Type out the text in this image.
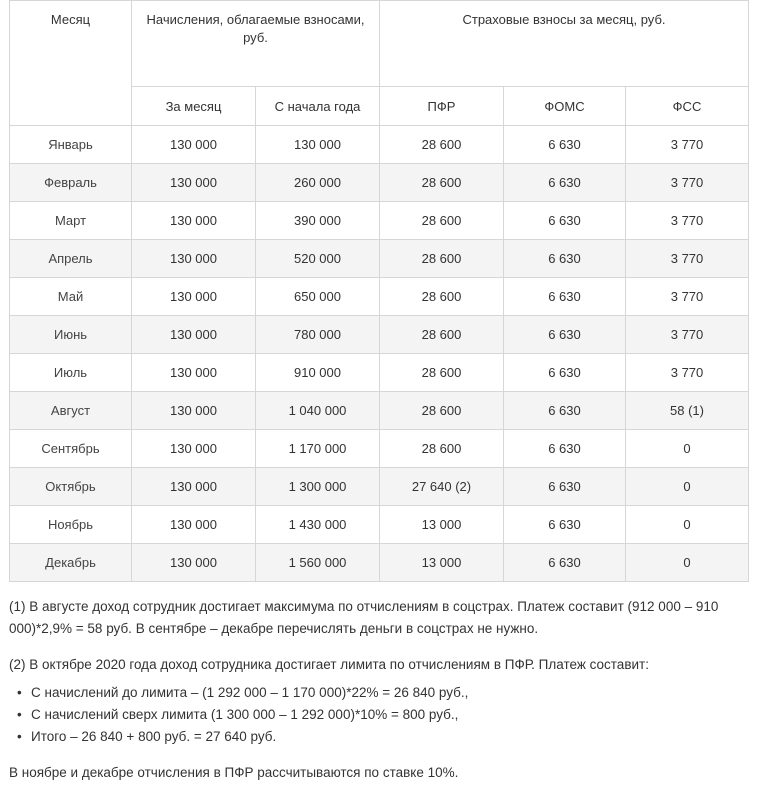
Месяц	Начисления, облагаемые взносами, руб.		Страховые взносы за месяц, руб.		
	За месяц	С начала года	ПФР	ФОМС	ФСС
Январь	130 000	130 000	28 600	6 630	3 770
Февраль	130 000	260 000	28 600	6 630	3 770
Март	130 000	390 000	28 600	6 630	3 770
Апрель	130 000	520 000	28 600	6 630	3 770
Май	130 000	650 000	28 600	6 630	3 770
Июнь	130 000	780 000	28 600	6 630	3 770
Июль	130 000	910 000	28 600	6 630	3 770
Август	130 000	1 040 000	28 600	6 630	58 (1)
Сентябрь	130 000	1 170 000	28 600	6 630	0
Октябрь	130 000	1 300 000	27 640 (2)	6 630	0
Ноябрь	130 000	1 430 000	13 000	6 630	0
Декабрь	130 000	1 560 000	13 000	6 630	0

(1) В августе доход сотрудник достигает максимума по отчислениям в соцстрах. Платеж составит (912 000 – 910 000)*2,9% = 58 руб. В сентябре – декабре перечислять деньги в соцстрах не нужно.

(2) В октябре 2020 года доход сотрудника достигает лимита по отчислениям в ПФР. Платеж составит:

• С начислений до лимита – (1 292 000 – 1 170 000)*22% = 26 840 руб.,
• С начислений сверх лимита (1 300 000 – 1 292 000)*10% = 800 руб.,
• Итого – 26 840 + 800 руб. = 27 640 руб.

В ноябре и декабре отчисления в ПФР рассчитываются по ставке 10%.
